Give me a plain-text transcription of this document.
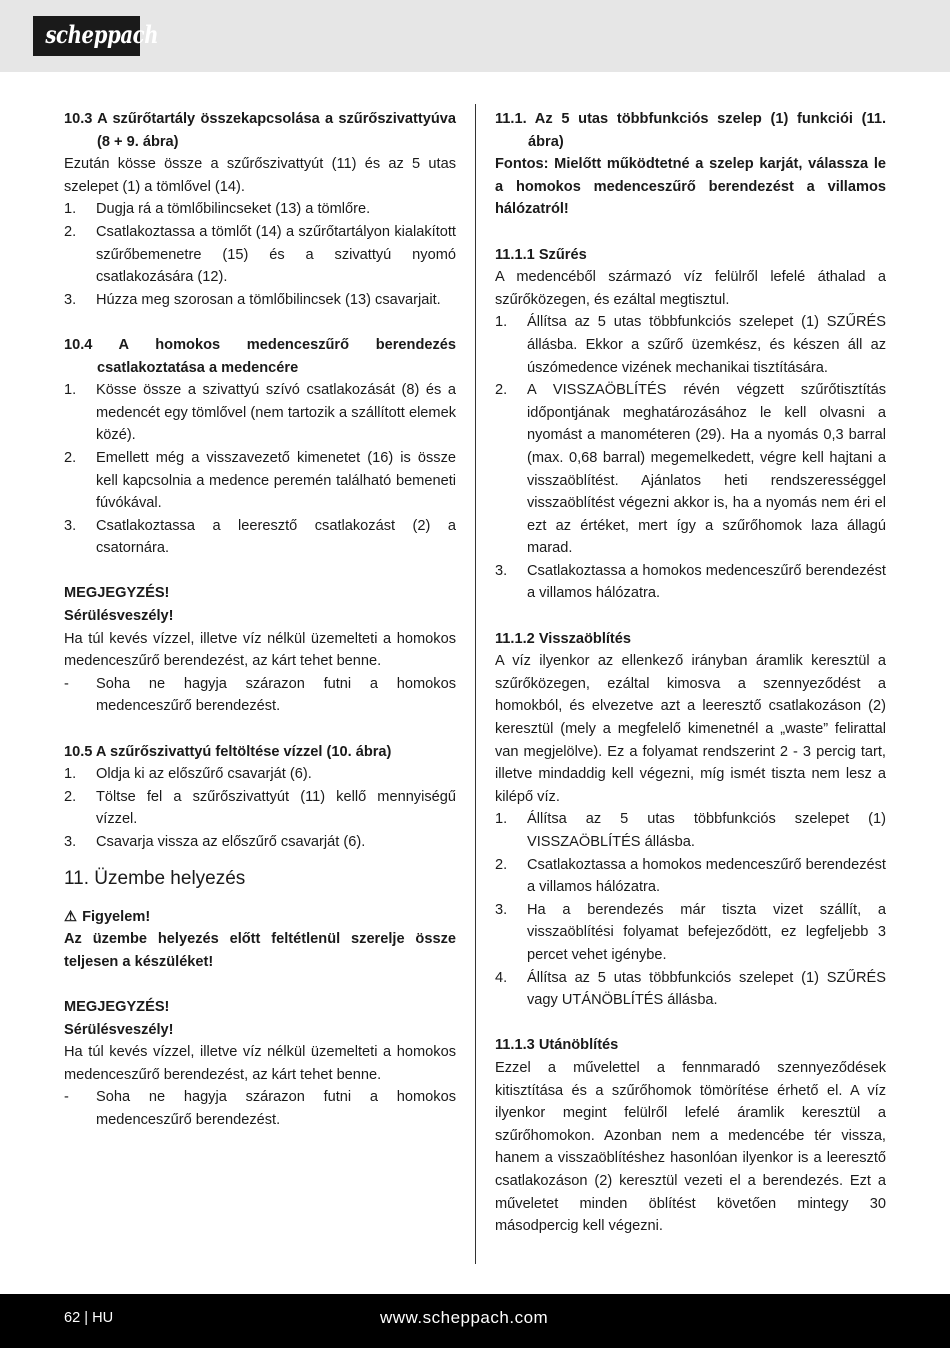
scheppach

10.3 A szűrőtartály összekapcsolása a szűrőszivattyúva (8 + 9. ábra)

Ezután kösse össze a szűrőszivattyút (11) és az 5 utas szelepet (1) a tömlővel (14).

1.	Dugja rá a tömlőbilincseket (13) a tömlőre.
2.	Csatlakoztassa a tömlőt (14) a szűrőtartályon kialakított szűrőbemenetre (15) és a szivattyú nyomó csatlakozására (12).
3.	Húzza meg szorosan a tömlőbilincsek (13) csavarjait.

10.4 A homokos medenceszűrő berendezés csatlakoztatása a medencére

1.	Kösse össze a szivattyú szívó csatlakozását (8) és a medencét egy tömlővel (nem tartozik a szállított elemek közé).
2.	Emellett még a visszavezető kimenetet (16) is össze kell kapcsolnia a medence peremén található bemeneti fúvókával.
3.	Csatlakoztassa a leeresztő csatlakozást (2) a csatornára.

MEGJEGYZÉS!

Sérülésveszély!

Ha túl kevés vízzel, illetve víz nélkül üzemelteti a homokos medenceszűrő berendezést, az kárt tehet benne.

-	Soha ne hagyja szárazon futni a homokos medenceszűrő berendezést.

10.5 A szűrőszivattyú feltöltése vízzel (10. ábra)

1.	Oldja ki az előszűrő csavarját (6).
2.	Töltse fel a szűrőszivattyút (11) kellő mennyiségű vízzel.
3.	Csavarja vissza az előszűrő csavarját (6).

11. Üzembe helyezés

⚠ Figyelem!

Az üzembe helyezés előtt feltétlenül szerelje össze teljesen a készüléket!

MEGJEGYZÉS!

Sérülésveszély!

Ha túl kevés vízzel, illetve víz nélkül üzemelteti a homokos medenceszűrő berendezést, az kárt tehet benne.

-	Soha ne hagyja szárazon futni a homokos medenceszűrő berendezést.

11.1. Az 5 utas többfunkciós szelep (1) funkciói (11. ábra)

Fontos: Mielőtt működtetné a szelep karját, válassza le a homokos medenceszűrő berendezést a villamos hálózatról!

11.1.1 Szűrés

A medencéből származó víz felülről lefelé áthalad a szűrőközegen, és ezáltal megtisztul.

1.	Állítsa az 5 utas többfunkciós szelepet (1) SZŰRÉS állásba. Ekkor a szűrő üzemkész, és készen áll az úszómedence vizének mechanikai tisztítására.
2.	A VISSZAÖBLÍTÉS révén végzett szűrőtisztítás időpontjának meghatározásához le kell olvasni a nyomást a manométeren (29). Ha a nyomás 0,3 barral (max. 0,68 barral) megemelkedett, végre kell hajtani a visszaöblítést. Ajánlatos heti rendszerességgel visszaöblítést végezni akkor is, ha a nyomás nem éri el ezt az értéket, mert így a szűrőhomok laza állagú marad.
3.	Csatlakoztassa a homokos medenceszűrő berendezést a villamos hálózatra.

11.1.2 Visszaöblítés

A víz ilyenkor az ellenkező irányban áramlik keresztül a szűrőközegen, ezáltal kimosva a szennyeződést a homokból, és elvezetve azt a leeresztő csatlakozáson (2) keresztül (mely a megfelelő kimenetnél a „waste” felirattal van megjelölve). Ez a folyamat rendszerint 2 - 3 percig tart, illetve mindaddig kell végezni, míg ismét tiszta nem lesz a kilépő víz.

1.	Állítsa az 5 utas többfunkciós szelepet (1) VISSZAÖBLÍTÉS állásba.
2.	Csatlakoztassa a homokos medenceszűrő berendezést a villamos hálózatra.
3.	Ha a berendezés már tiszta vizet szállít, a visszaöblítési folyamat befejeződött, ez legfeljebb 3 percet vehet igénybe.
4.	Állítsa az 5 utas többfunkciós szelepet (1) SZŰRÉS vagy UTÁNÖBLÍTÉS állásba.

11.1.3 Utánöblítés

Ezzel a művelettel a fennmaradó szennyeződések kitisztítása és a szűrőhomok tömörítése érhető el. A víz ilyenkor megint felülről lefelé áramlik keresztül a szűrőhomokon. Azonban nem a medencébe tér vissza, hanem a visszaöblítéshez hasonlóan ilyenkor is a leeresztő csatlakozáson (2) keresztül vezeti el a berendezés. Ezt a műveletet minden öblítést követően mintegy 30 másodpercig kell végezni.

62 | HU	www.scheppach.com
